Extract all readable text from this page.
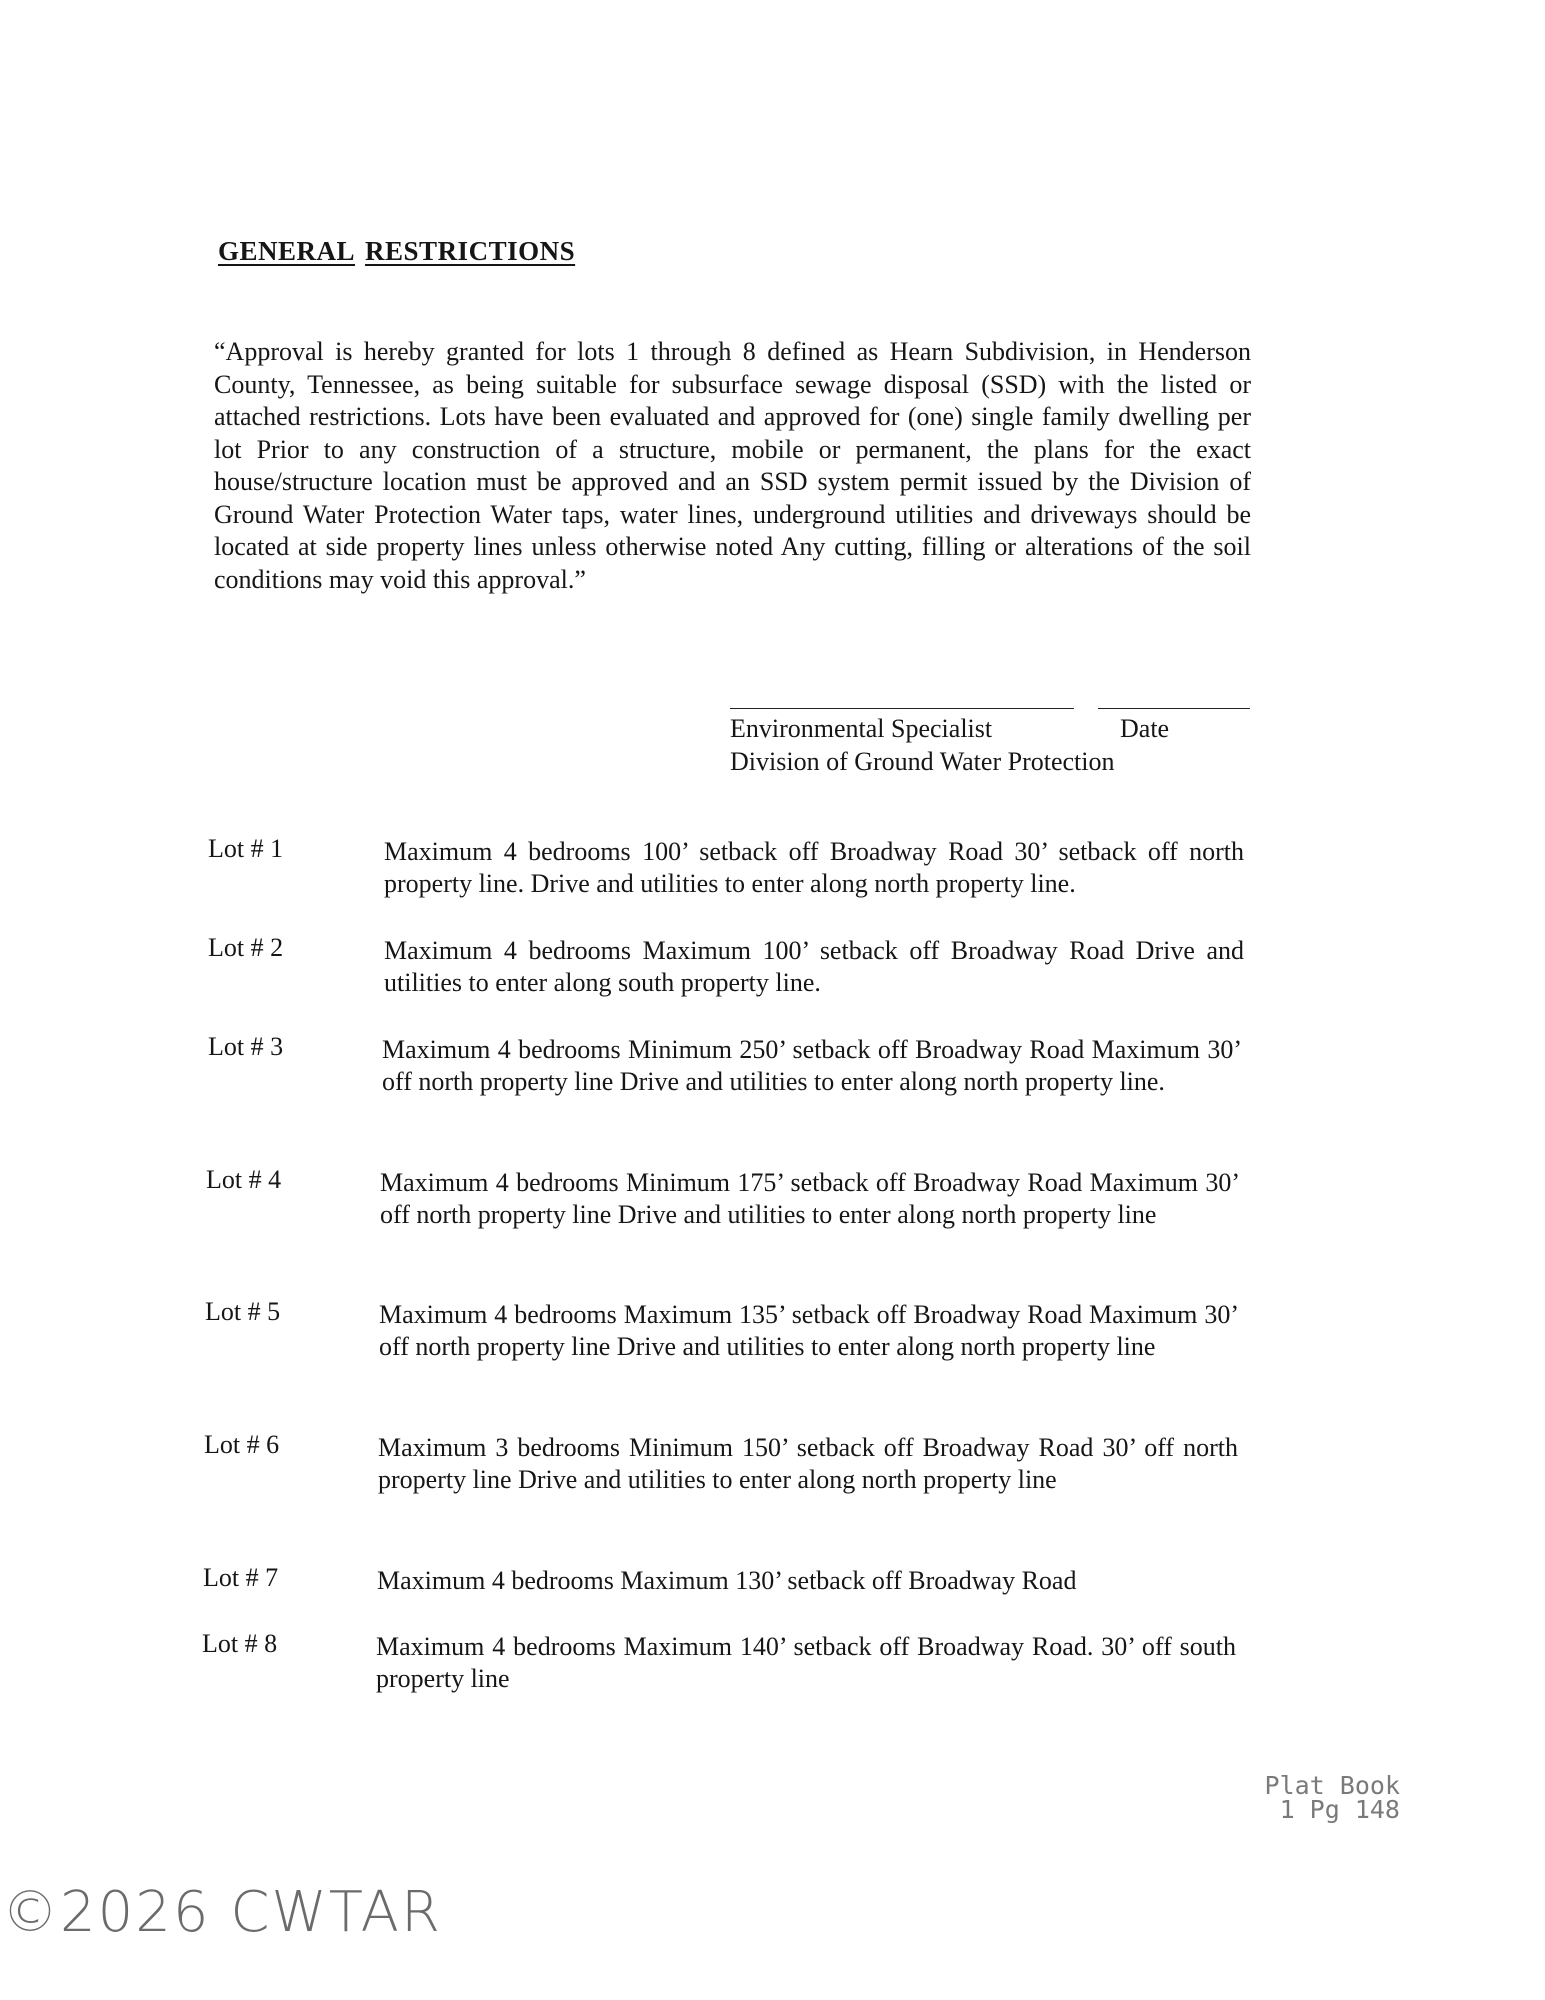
GENERAL RESTRICTIONS

“Approval is hereby granted for lots 1 through 8 defined as Hearn Subdivision, in Henderson County, Tennessee, as being suitable for subsurface sewage disposal (SSD) with the listed or attached restrictions. Lots have been evaluated and approved for (one) single family dwelling per lot Prior to any construction of a structure, mobile or permanent, the plans for the exact house/structure location must be approved and an SSD system permit issued by the Division of Ground Water Protection Water taps, water lines, underground utilities and driveways should be located at side property lines unless otherwise noted Any cutting, filling or alterations of the soil conditions may void this approval.”

Environmental Specialist	Date
Division of Ground Water Protection
Lot # 1	Maximum 4 bedrooms 100’ setback off Broadway Road 30’ setback off north property line. Drive and utilities to enter along north property line.
Lot # 2	Maximum 4 bedrooms Maximum 100’ setback off Broadway Road Drive and utilities to enter along south property line.
Lot # 3	Maximum 4 bedrooms Minimum 250’ setback off Broadway Road Maximum 30’ off north property line Drive and utilities to enter along north property line.
Lot # 4	Maximum 4 bedrooms Minimum 175’ setback off Broadway Road Maximum 30’ off north property line Drive and utilities to enter along north property line
Lot # 5	Maximum 4 bedrooms Maximum 135’ setback off Broadway Road Maximum 30’ off north property line Drive and utilities to enter along north property line
Lot # 6	Maximum 3 bedrooms Minimum 150’ setback off Broadway Road 30’ off north property line Drive and utilities to enter along north property line
Lot # 7	Maximum 4 bedrooms Maximum 130’ setback off Broadway Road
Lot # 8	Maximum 4 bedrooms Maximum 140’ setback off Broadway Road. 30’ off south property line
Plat Book
1 Pg 148
©2026 CWTAR
